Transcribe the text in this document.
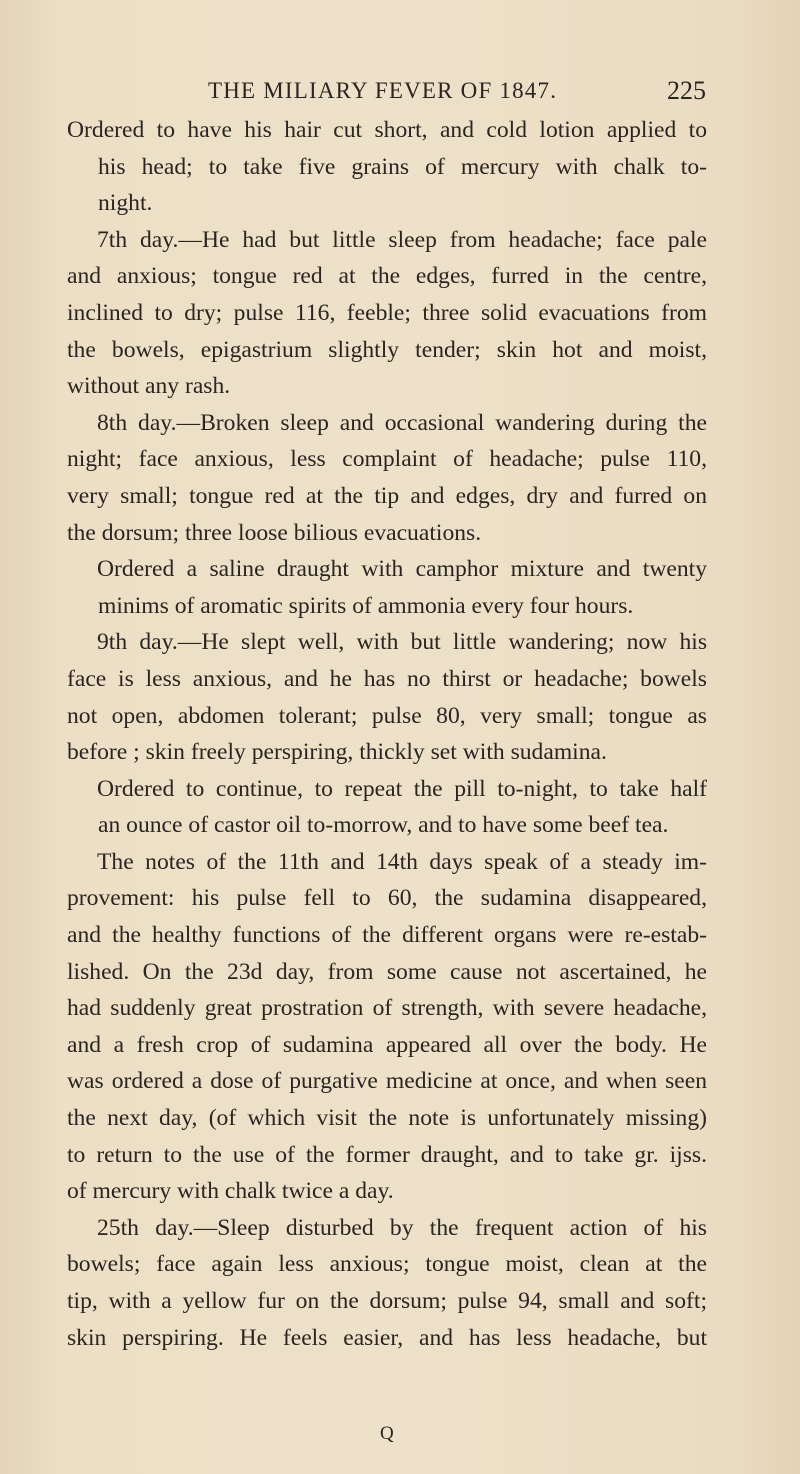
THE MILIARY FEVER OF 1847.	225
Ordered to have his hair cut short, and cold lotion applied to
his head; to take five grains of mercury with chalk to-
night.
7th day.—He had but little sleep from headache; face pale
and anxious; tongue red at the edges, furred in the centre,
inclined to dry; pulse 116, feeble; three solid evacuations from
the bowels, epigastrium slightly tender; skin hot and moist,
without any rash.
8th day.—Broken sleep and occasional wandering during the
night; face anxious, less complaint of headache; pulse 110,
very small; tongue red at the tip and edges, dry and furred on
the dorsum; three loose bilious evacuations.
Ordered a saline draught with camphor mixture and twenty
minims of aromatic spirits of ammonia every four hours.
9th day.—He slept well, with but little wandering; now his
face is less anxious, and he has no thirst or headache; bowels
not open, abdomen tolerant; pulse 80, very small; tongue as
before ; skin freely perspiring, thickly set with sudamina.
Ordered to continue, to repeat the pill to-night, to take half
an ounce of castor oil to-morrow, and to have some beef tea.
The notes of the 11th and 14th days speak of a steady im-
provement: his pulse fell to 60, the sudamina disappeared,
and the healthy functions of the different organs were re-estab-
lished. On the 23d day, from some cause not ascertained, he
had suddenly great prostration of strength, with severe headache,
and a fresh crop of sudamina appeared all over the body. He
was ordered a dose of purgative medicine at once, and when seen
the next day, (of which visit the note is unfortunately missing)
to return to the use of the former draught, and to take gr. ijss.
of mercury with chalk twice a day.
25th day.—Sleep disturbed by the frequent action of his
bowels; face again less anxious; tongue moist, clean at the
tip, with a yellow fur on the dorsum; pulse 94, small and soft;
skin perspiring. He feels easier, and has less headache, but
Q
